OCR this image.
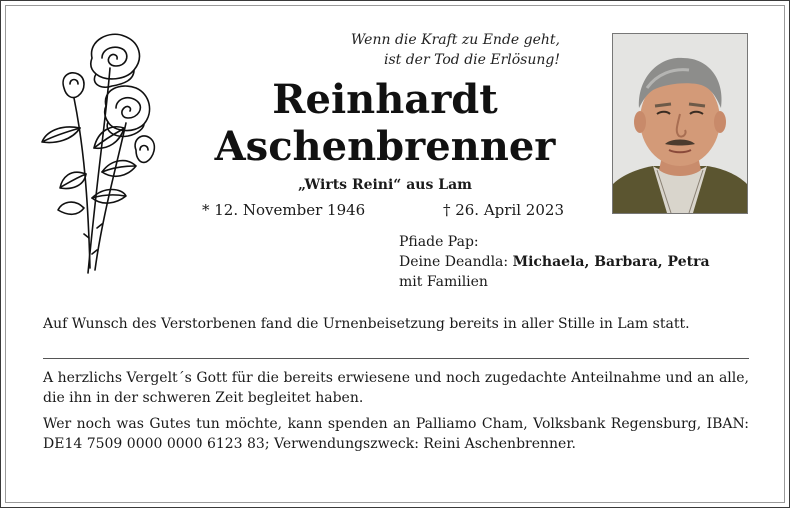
Wenn die Kraft zu Ende geht,
ist der Tod die Erlösung!
Reinhardt
Aschenbrenner
„Wirts Reini“ aus Lam
* 12. November 1946	† 26. April 2023
Pfiade Pap:
Deine Deandla: Michaela, Barbara, Petra
mit Familien
Auf Wunsch des Verstorbenen fand die Urnenbeisetzung bereits in aller Stille in Lam statt.
A herzlichs Vergelt´s Gott für die bereits erwiesene und noch zugedachte Anteilnahme und an alle, die ihn in der schweren Zeit begleitet haben.
Wer noch was Gutes tun möchte, kann spenden an Palliamo Cham, Volksbank Regensburg, IBAN: DE14 7509 0000 0000 6123 83; Verwendungszweck: Reini Aschenbrenner.
